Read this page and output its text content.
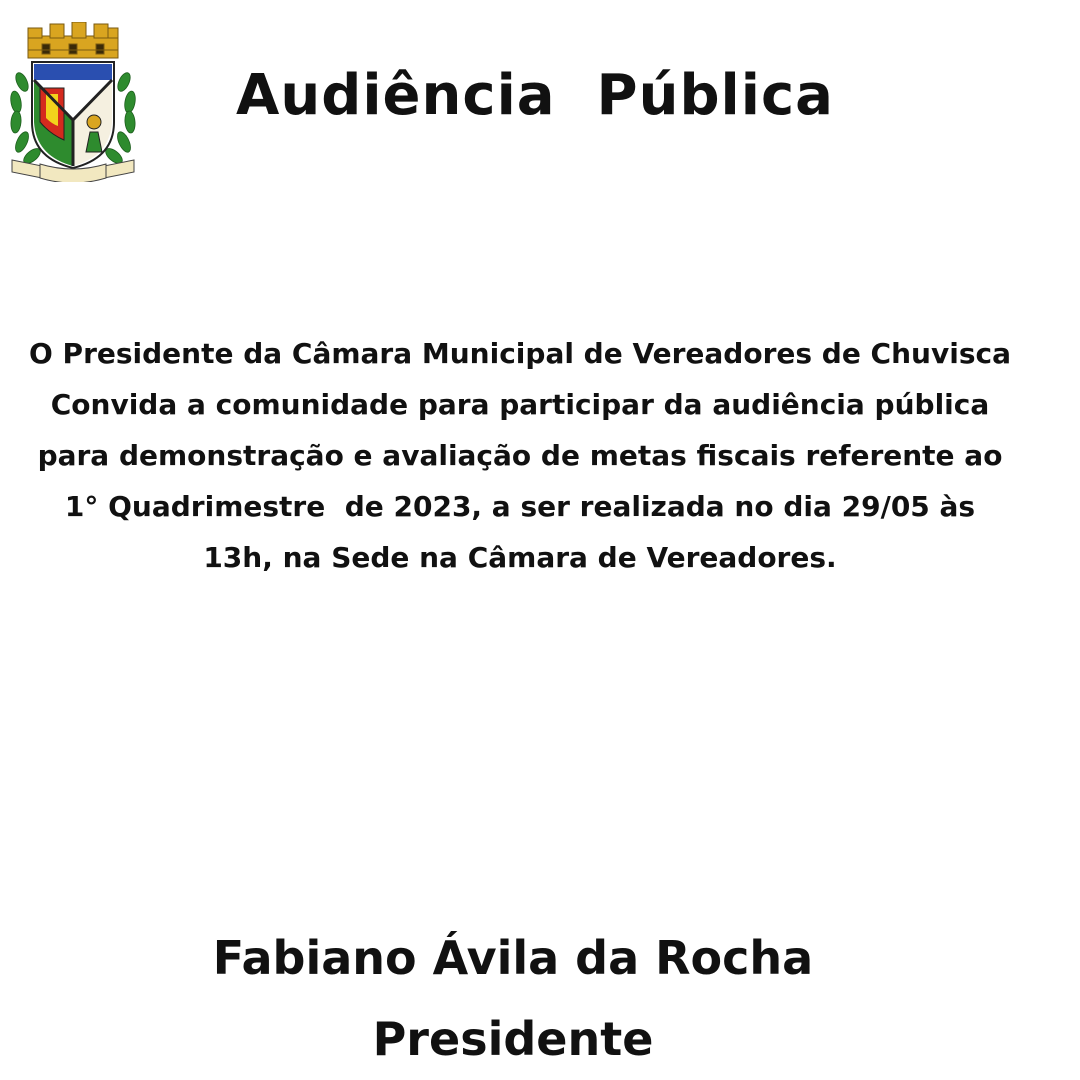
Audiência  Pública
O Presidente da Câmara Municipal de Vereadores de Chuvisca
Convida a comunidade para participar da audiência pública
para demonstração e avaliação de metas fiscais referente ao
1° Quadrimestre  de 2023, a ser realizada no dia 29/05 às
13h, na Sede na Câmara de Vereadores.
Fabiano Ávila da Rocha
Presidente
